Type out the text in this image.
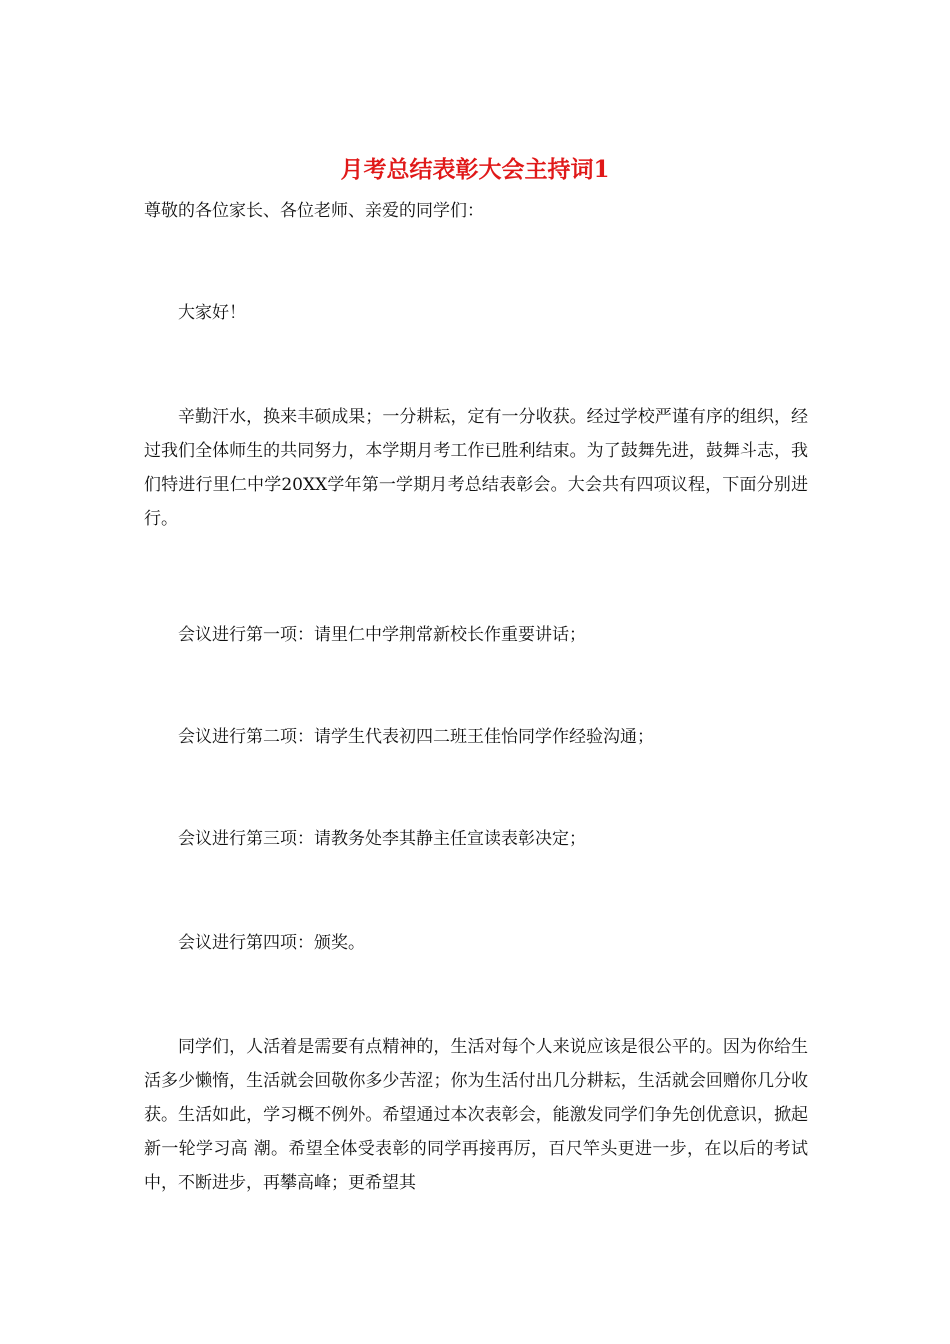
月考总结表彰大会主持词1

尊敬的各位家长、各位老师、亲爱的同学们：

大家好！

辛勤汗水，换来丰硕成果；一分耕耘，定有一分收获。经过学校严谨有序的组织，经过我们全体师生的共同努力，本学期月考工作已胜利结束。为了鼓舞先进，鼓舞斗志，我们特进行里仁中学20XX学年第一学期月考总结表彰会。大会共有四项议程，下面分别进行。

会议进行第一项：请里仁中学荆常新校长作重要讲话；

会议进行第二项：请学生代表初四二班王佳怡同学作经验沟通；

会议进行第三项：请教务处李其静主任宣读表彰决定；

会议进行第四项：颁奖。

同学们，人活着是需要有点精神的，生活对每个人来说应该是很公平的。因为你给生活多少懒惰，生活就会回敬你多少苦涩；你为生活付出几分耕耘，生活就会回赠你几分收获。生活如此，学习概不例外。希望通过本次表彰会，能激发同学们争先创优意识，掀起新一轮学习高 潮。希望全体受表彰的同学再接再厉，百尺竿头更进一步，在以后的考试中，不断进步，再攀高峰；更希望其
